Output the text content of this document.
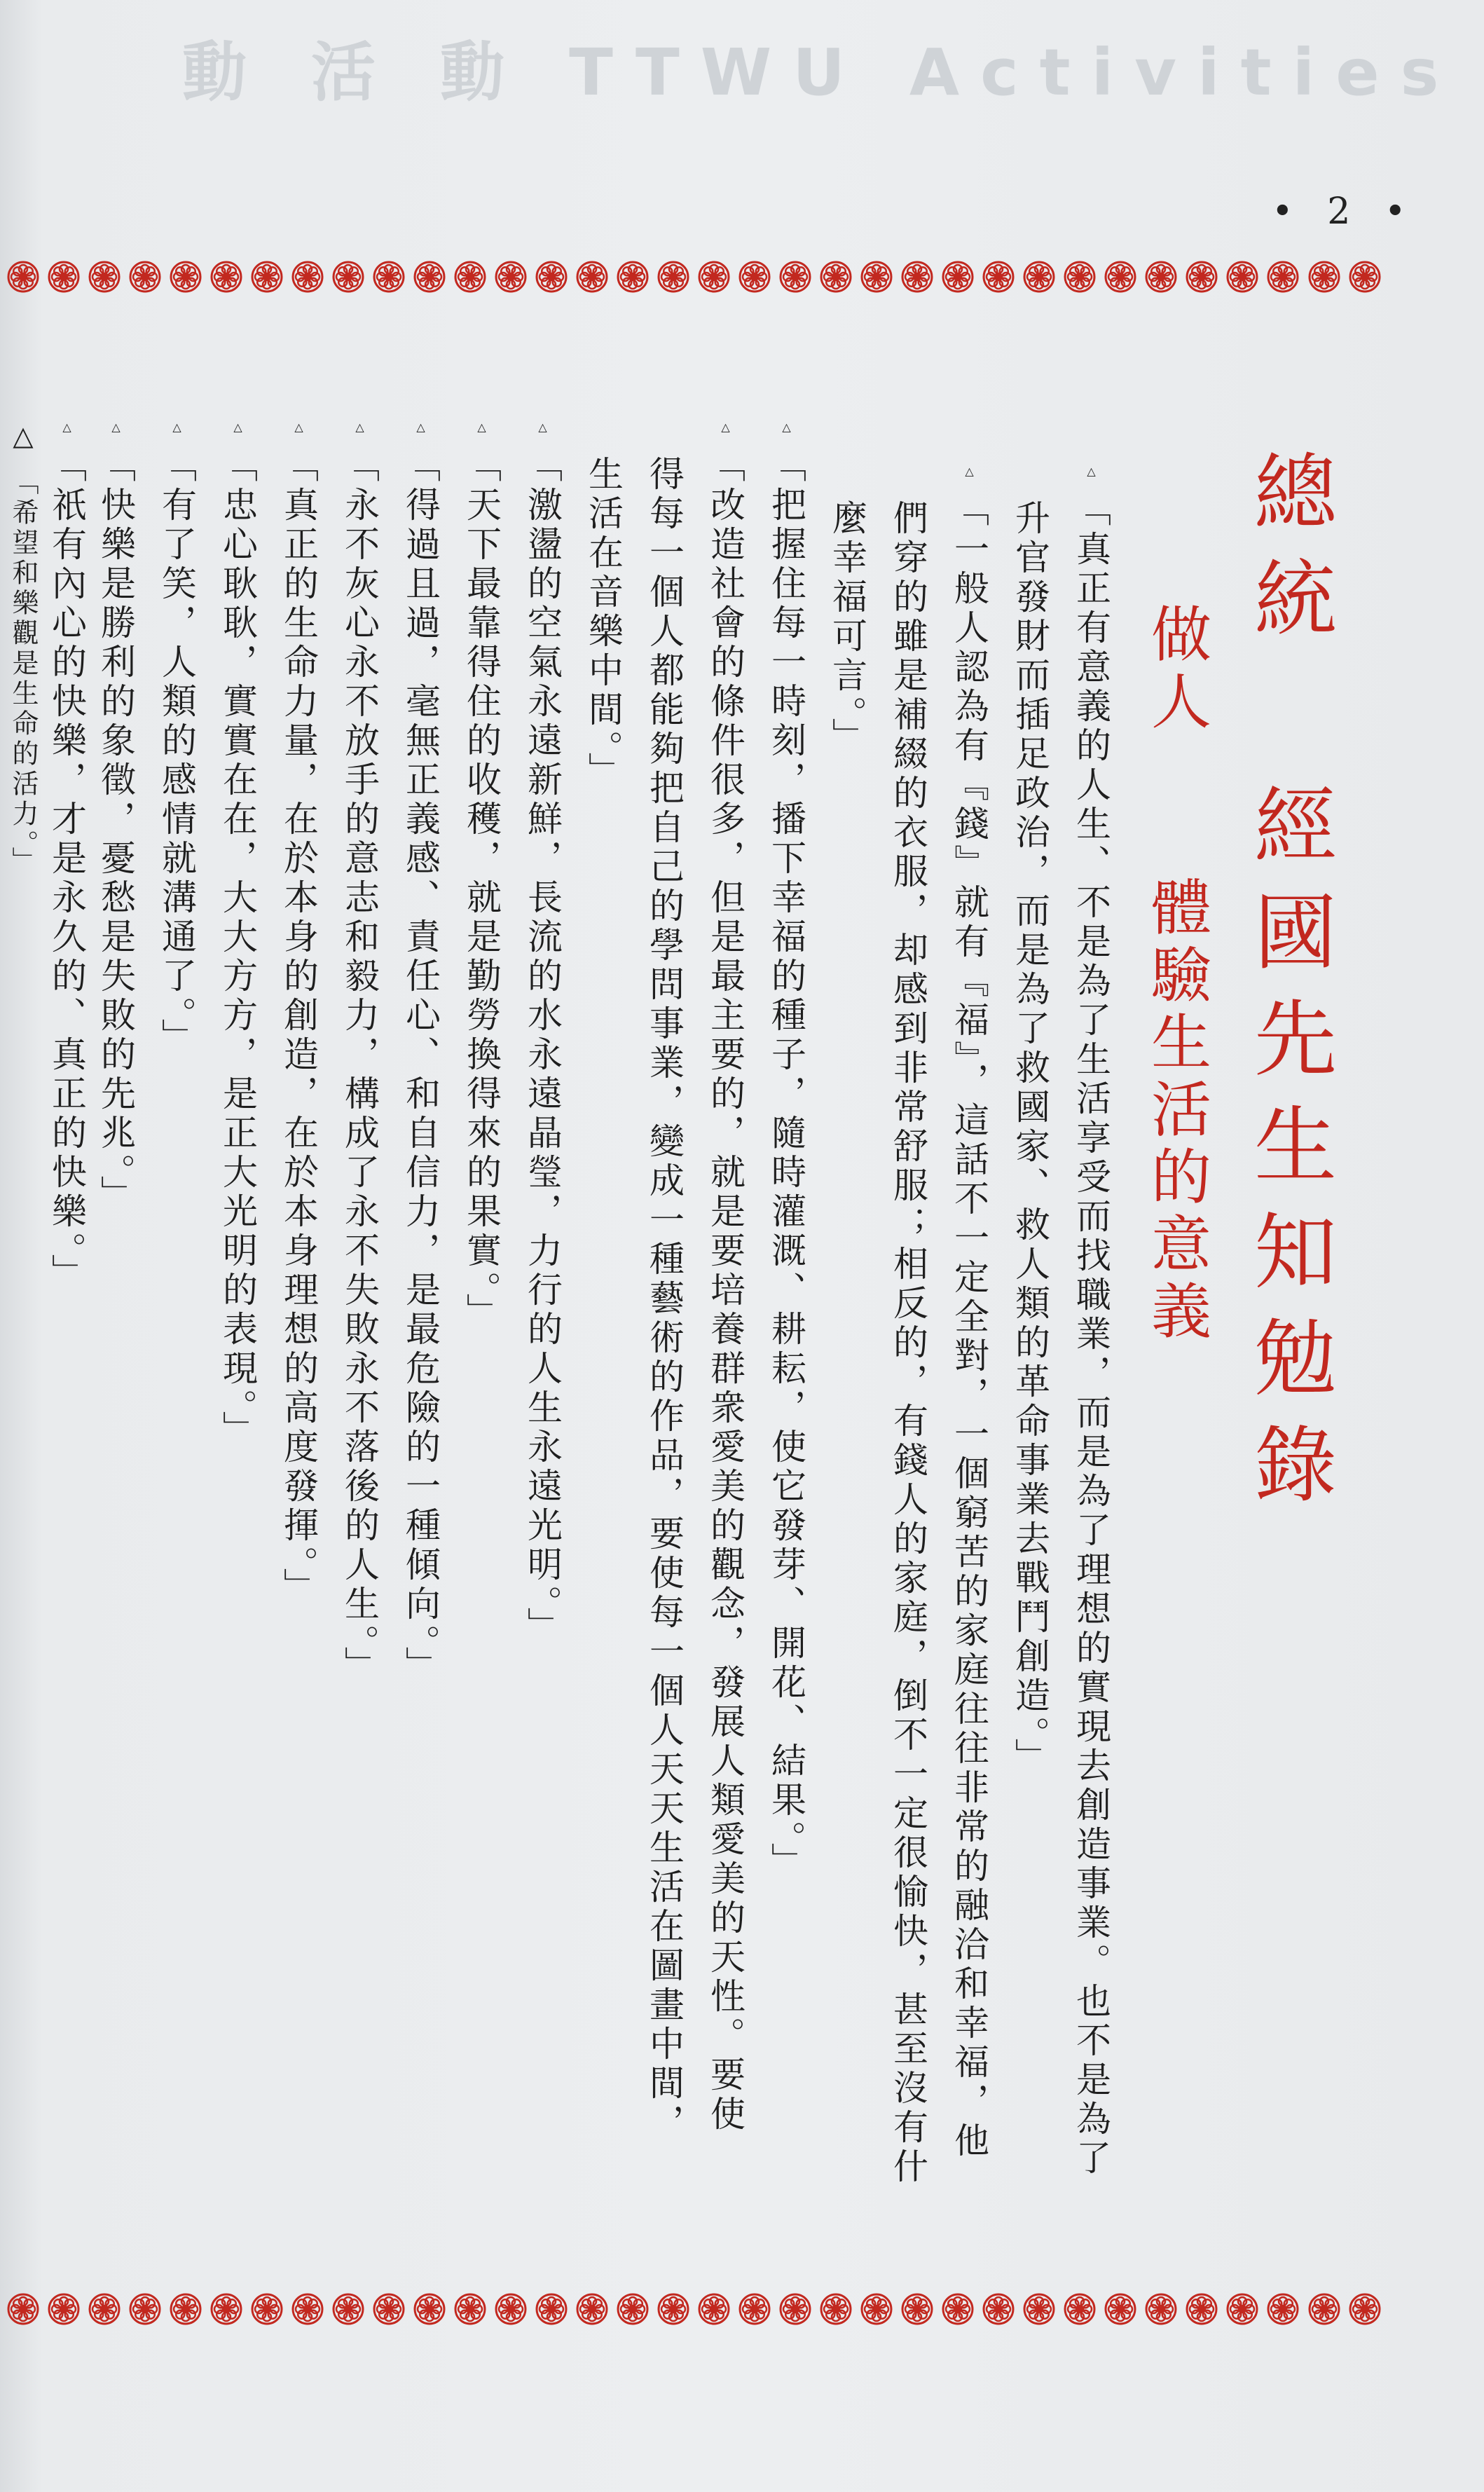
動 活 動 TTWU Activities
• 2 •
總統 經國先生知勉錄
做人
體驗生活的意義
△ 「真正有意義的人生、不是為了生活享受而找職業，而是為了理想的實現去創造事業。也不是為了
升官發財而插足政治，而是為了救國家、救人類的革命事業去戰鬥創造。」
△ 「一般人認為有『錢』就有『福』，這話不一定全對，一個窮苦的家庭往往非常的融洽和幸福，他
們穿的雖是補綴的衣服，却感到非常舒服；相反的，有錢人的家庭，倒不一定很愉快，甚至沒有什
麼幸福可言。」
△ 「把握住每一時刻，播下幸福的種子，隨時灌溉、耕耘，使它發芽、開花、結果。」
△ 「改造社會的條件很多，但是最主要的，就是要培養群衆愛美的觀念，發展人類愛美的天性。要使
得每一個人都能夠把自己的學問事業，變成一種藝術的作品，要使每一個人天天生活在圖畫中間，
生活在音樂中間。」
△ 「激盪的空氣永遠新鮮，長流的水永遠晶瑩，力行的人生永遠光明。」
△ 「天下最靠得住的收穫，就是勤勞換得來的果實。」
△ 「得過且過，毫無正義感、責任心、和自信力，是最危險的一種傾向。」
△ 「永不灰心永不放手的意志和毅力，構成了永不失敗永不落後的人生。」
△ 「真正的生命力量，在於本身的創造，在於本身理想的高度發揮。」
△ 「忠心耿耿，實實在在，大大方方，是正大光明的表現。」
△ 「有了笑，人類的感情就溝通了。」
△ 「快樂是勝利的象徵，憂愁是失敗的先兆。」
△ 「祇有內心的快樂，才是永久的、真正的快樂。」
△ 「希望和樂觀是生命的活力。」
